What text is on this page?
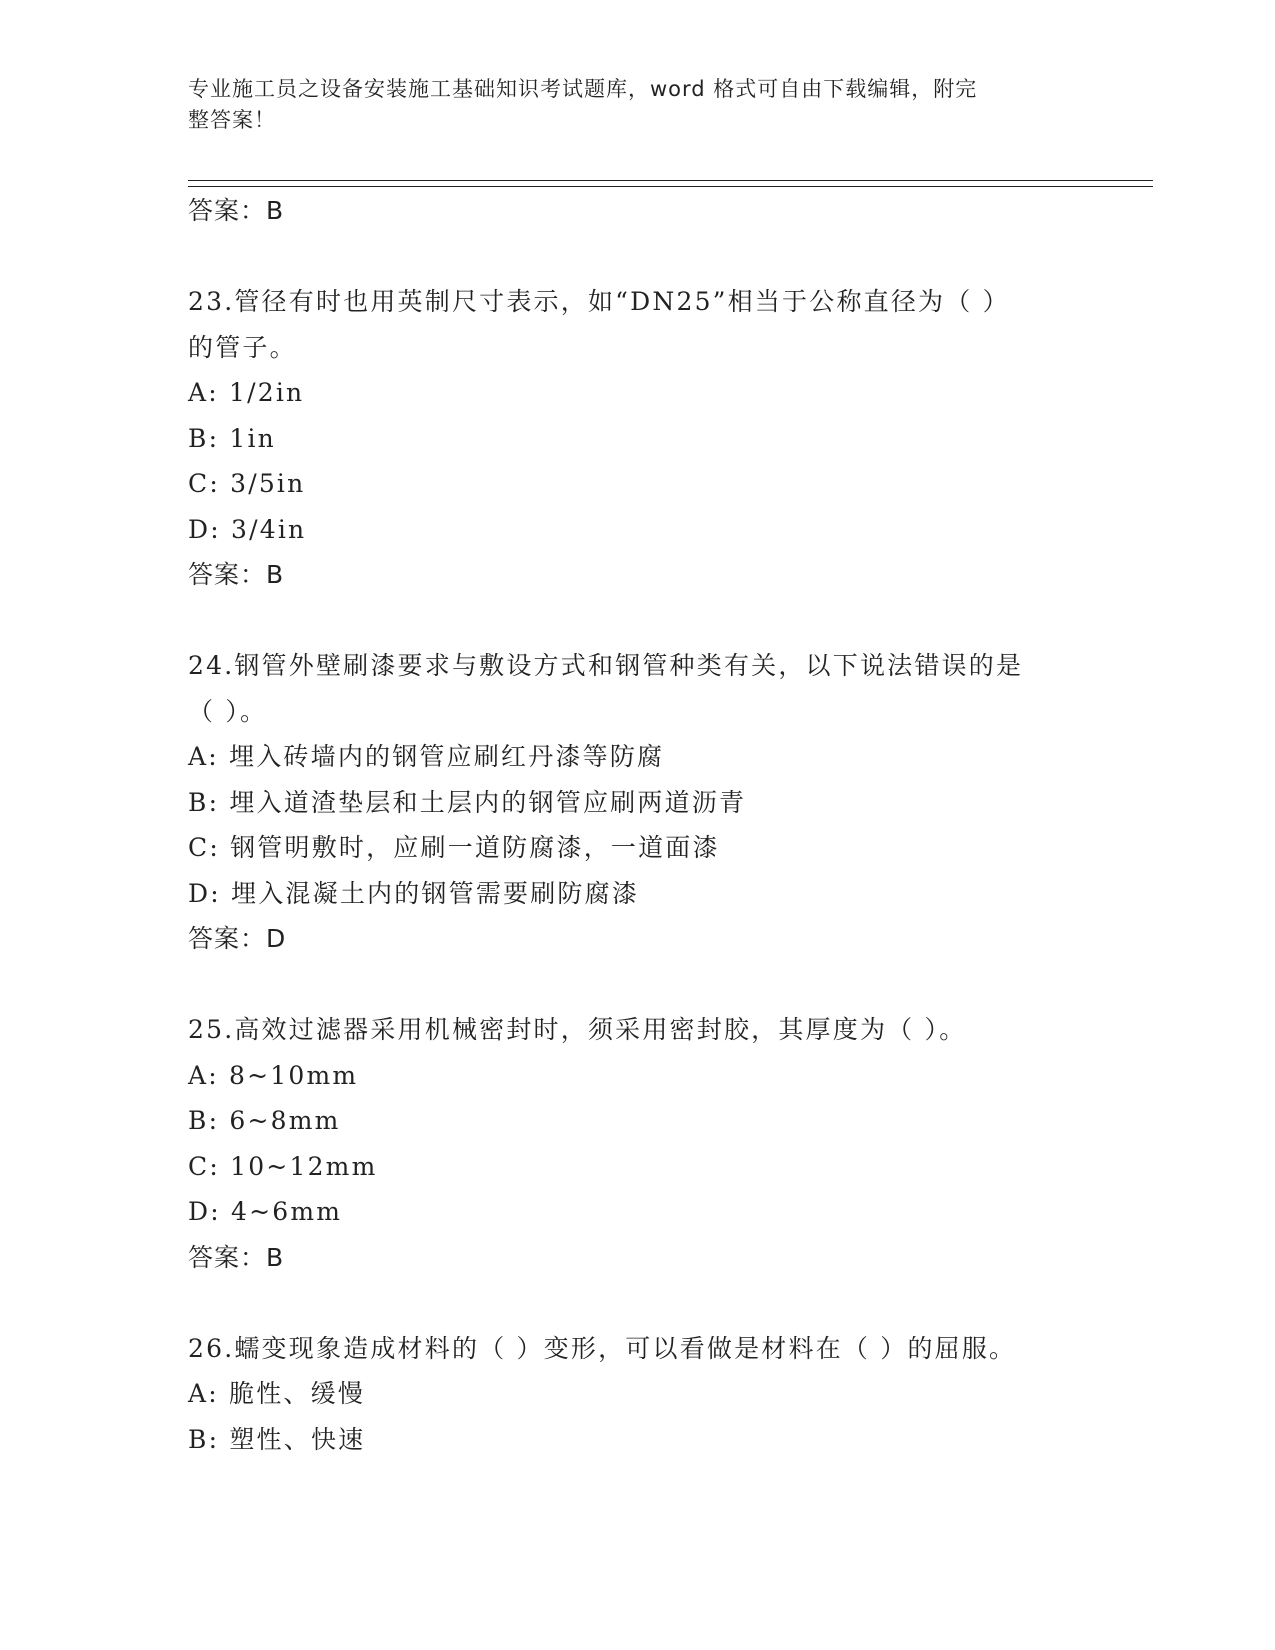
专业施工员之设备安装施工基础知识考试题库，word 格式可自由下载编辑，附完
整答案！
答案：B
23.管径有时也用英制尺寸表示，如“DN25”相当于公称直径为（ ）
的管子。
A: 1/2in
B: 1in
C: 3/5in
D: 3/4in
答案：B
24.钢管外壁刷漆要求与敷设方式和钢管种类有关，以下说法错误的是
（ ）。
A: 埋入砖墙内的钢管应刷红丹漆等防腐
B: 埋入道渣垫层和土层内的钢管应刷两道沥青
C: 钢管明敷时，应刷一道防腐漆，一道面漆
D: 埋入混凝土内的钢管需要刷防腐漆
答案：D
25.高效过滤器采用机械密封时，须采用密封胶，其厚度为（ ）。
A: 8~10mm
B: 6~8mm
C: 10~12mm
D: 4~6mm
答案：B
26.蠕变现象造成材料的（ ）变形，可以看做是材料在（ ）的屈服。
A: 脆性、缓慢
B: 塑性、快速
